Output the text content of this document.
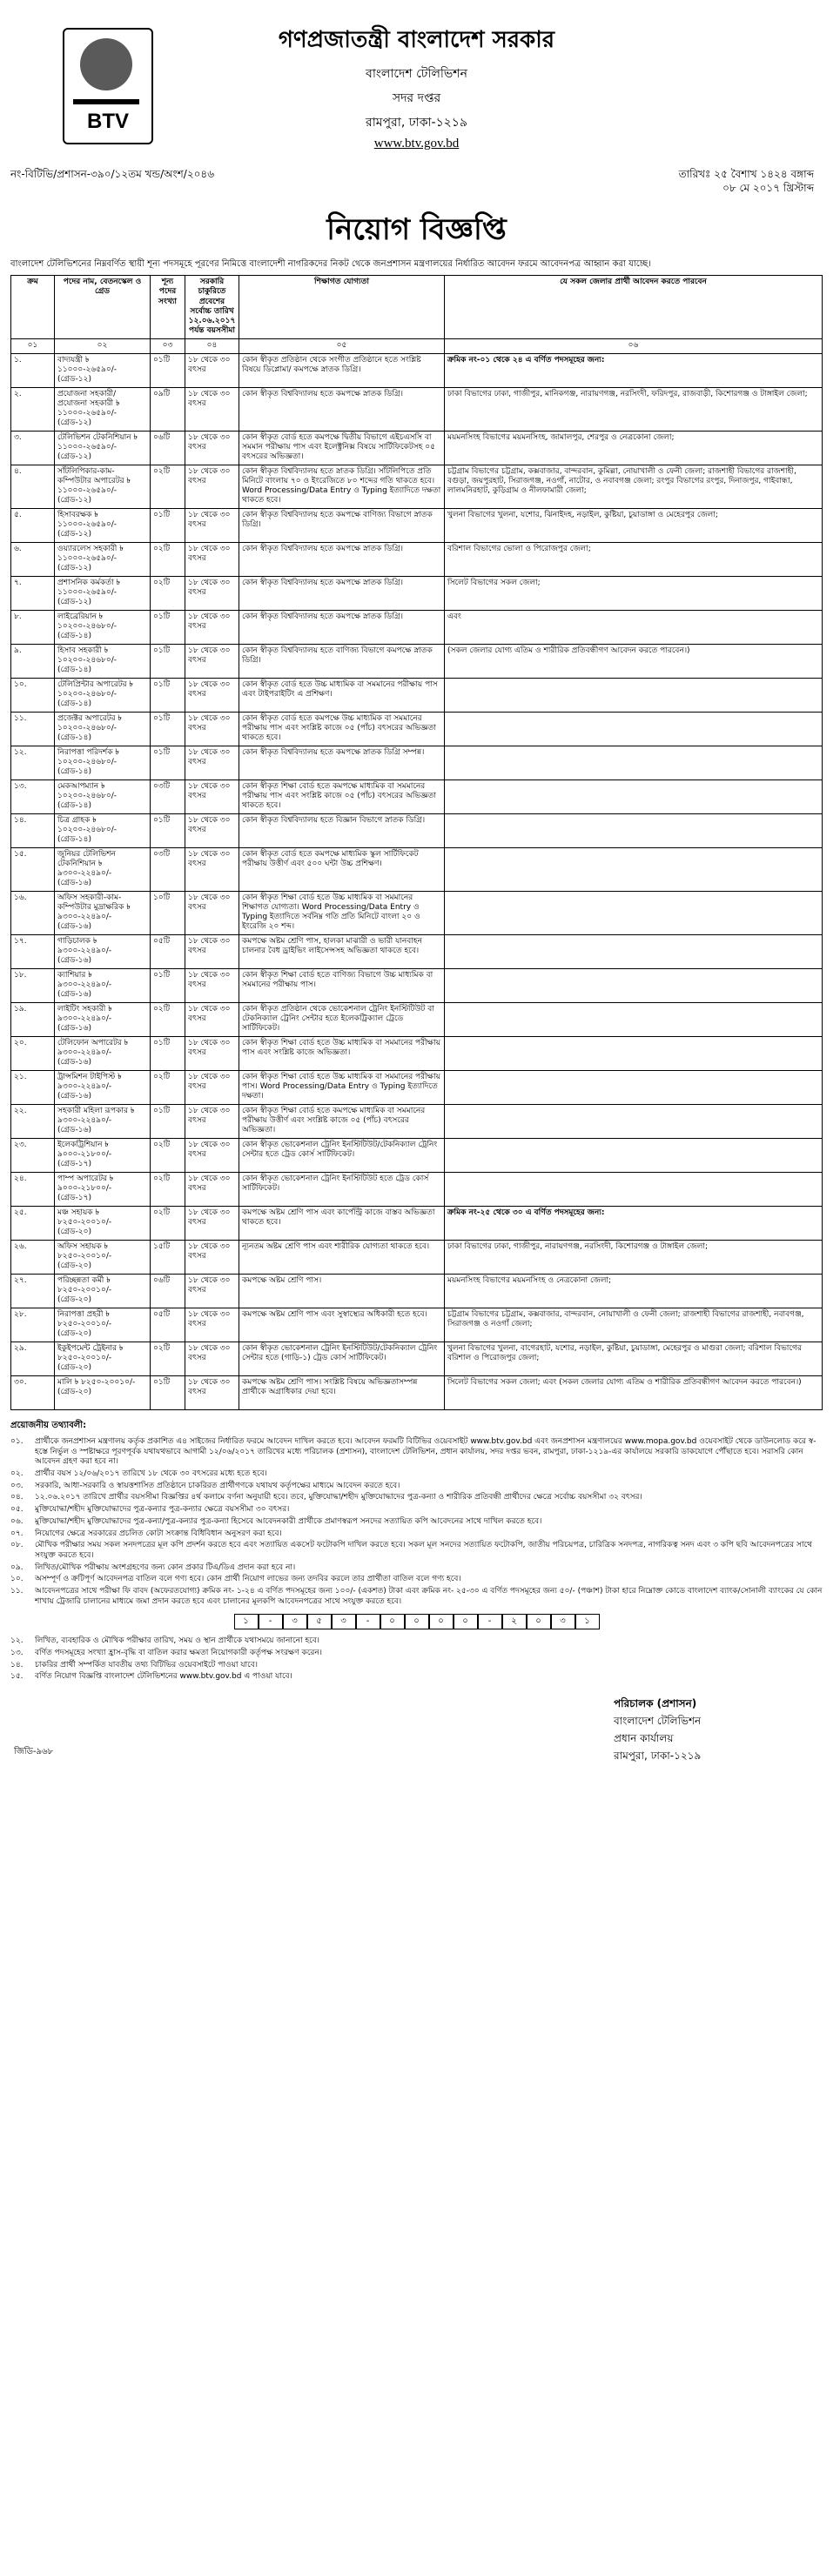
BTV
গণপ্রজাতন্ত্রী বাংলাদেশ সরকার
বাংলাদেশ টেলিভিশন
সদর দপ্তর
রামপুরা, ঢাকা-১২১৯
www.btv.gov.bd
নং-বিটিভি/প্রশাসন-৩৯০/১২তম খন্ড/অংশ/২০৪৬	তারিখঃ ২৫ বৈশাখ ১৪২৪ বঙ্গাব্দ
০৮ মে ২০১৭ খ্রিস্টাব্দ
নিয়োগ বিজ্ঞপ্তি
বাংলাদেশ টেলিভিশনের নিম্নবর্ণিত স্থায়ী শূন্য পদসমূহে পূরণের নিমিত্তে বাংলাদেশী নাগরিকদের নিকট থেকে জনপ্রশাসন মন্ত্রণালয়ের নির্ধারিত আবেদন ফরমে আবেদনপত্র আহ্বান করা যাচ্ছে।
ক্রম	পদের নাম, বেতনস্কেল ও গ্রেড	শূন্য পদের সংখ্যা	সরকারি চাকুরিতে প্রবেশের সর্বোচ্চ তারিখ ১২.০৬.২০১৭ পর্যন্ত বয়সসীমা	শিক্ষাগত যোগ্যতা	যে সকল জেলার প্রার্থী আবেদন করতে পারবেন
০১	০২	০৩	০৪	০৫	০৬
১.	বাদ্যযন্ত্রী ৳ ১১০০০-২৬৫৯০/- (গ্রেড-১২)	০১টি	১৮ থেকে ৩০ বৎসর	কোন স্বীকৃত প্রতিষ্ঠান থেকে সংগীত প্রতিষ্ঠানে হতে সংশ্লিষ্ট বিষয়ে ডিপ্লোমা/ কমপক্ষে স্নাতক ডিগ্রি।	ক্রমিক নং-০১ থেকে ২৪ এ বর্ণিত পদসমূহের জন্য:
২.	প্রযোজনা সহকারী/ প্রযোজনা সহকারী ৳ ১১০০০-২৬৫৯০/- (গ্রেড-১২)	০৯টি	১৮ থেকে ৩০ বৎসর	কোন স্বীকৃত বিশ্ববিদ্যালয় হতে কমপক্ষে স্নাতক ডিগ্রি।	ঢাকা বিভাগের ঢাকা, গাজীপুর, মানিকগঞ্জ, নারায়ণগঞ্জ, নরসিংদী, ফরিদপুর, রাজবাড়ী, কিশোরগঞ্জ ও টাঙ্গাইল জেলা;
৩.	টেলিভিশন টেকনিশিয়ান ৳ ১১০০০-২৬৫৯০/- (গ্রেড-১২)	০৬টি	১৮ থেকে ৩০ বৎসর	কোন স্বীকৃত বোর্ড হতে কমপক্ষে দ্বিতীয় বিভাগে এইচএসসি বা সমমান পরীক্ষায় পাস এবং ইলেক্ট্রনিক্স বিষয়ে সার্টিফিকেটসহ ০৫ বৎসরের অভিজ্ঞতা।	ময়মনসিংহ বিভাগের ময়মনসিংহ, জামালপুর, শেরপুর ও নেত্রকোনা জেলা;
৪.	সাঁটলিপিকার-কাম-কম্পিউটার অপারেটর ৳ ১১০০০-২৬৫৯০/- (গ্রেড-১২)	০২টি	১৮ থেকে ৩০ বৎসর	কোন স্বীকৃত বিশ্ববিদ্যালয় হতে স্নাতক ডিগ্রি। সাঁটলিপিতে প্রতি মিনিটে বাংলায় ৭০ ও ইংরেজিতে ৮০ শব্দের গতি থাকতে হবে। Word Processing/Data Entry ও Typing ইত্যাদিতে দক্ষতা থাকতে হবে।	চট্টগ্রাম বিভাগের চট্টগ্রাম, কক্সবাজার, বান্দরবান, কুমিল্লা, নোয়াখালী ও ফেনী জেলা; রাজশাহী বিভাগের রাজশাহী, বগুড়া, জয়পুরহাট, সিরাজগঞ্জ, নওগাঁ, নাটোর, ও নবাবগঞ্জ জেলা; রংপুর বিভাগের রংপুর, দিনাজপুর, গাইবান্ধা, লালমনিরহাট, কুড়িগ্রাম ও নীলফামারী জেলা;
৫.	হিসাবরক্ষক ৳ ১১০০০-২৬৫৯০/- (গ্রেড-১২)	০১টি	১৮ থেকে ৩০ বৎসর	কোন স্বীকৃত বিশ্ববিদ্যালয় হতে কমপক্ষে বাণিজ্য বিভাগে স্নাতক ডিগ্রি।	খুলনা বিভাগের খুলনা, যশোর, ঝিনাইদহ, নড়াইল, কুষ্টিয়া, চুয়াডাঙ্গা ও মেহেরপুর জেলা;
৬.	ওয়্যারলেস সহকারী ৳ ১১০০০-২৬৫৯০/- (গ্রেড-১২)	০২টি	১৮ থেকে ৩০ বৎসর	কোন স্বীকৃত বিশ্ববিদ্যালয় হতে কমপক্ষে স্নাতক ডিগ্রি।	বরিশাল বিভাগের ভোলা ও পিরোজপুর জেলা;
৭.	প্রশাসনিক কর্মকর্তা ৳ ১১০০০-২৬৫৯০/- (গ্রেড-১২)	০২টি	১৮ থেকে ৩০ বৎসর	কোন স্বীকৃত বিশ্ববিদ্যালয় হতে কমপক্ষে স্নাতক ডিগ্রি।	সিলেট বিভাগের সকল জেলা;
৮.	লাইব্রেরিয়ান ৳ ১০২০০-২৪৬৮০/- (গ্রেড-১৪)	০১টি	১৮ থেকে ৩০ বৎসর	কোন স্বীকৃত বিশ্ববিদ্যালয় হতে কমপক্ষে স্নাতক ডিগ্রি।	এবং
৯.	হিসাব সহকারী ৳ ১০২০০-২৪৬৮০/- (গ্রেড-১৪)	০১টি	১৮ থেকে ৩০ বৎসর	কোন স্বীকৃত বিশ্ববিদ্যালয় হতে বাণিজ্য বিভাগে কমপক্ষে স্নাতক ডিগ্রি।	(সকল জেলার যোগ্য এতিম ও শারীরিক প্রতিবন্ধীগণ আবেদন করতে পারবেন।)
১০.	টেলিপ্রিন্টার অপারেটর ৳ ১০২০০-২৪৬৮০/- (গ্রেড-১৪)	০১টি	১৮ থেকে ৩০ বৎসর	কোন স্বীকৃত বোর্ড হতে উচ্চ মাধ্যমিক বা সমমানের পরীক্ষায় পাস এবং টাইপরাইটিং এ প্রশিক্ষণ।	
১১.	প্রজেক্টর অপারেটর ৳ ১০২০০-২৪৬৮০/- (গ্রেড-১৪)	০১টি	১৮ থেকে ৩০ বৎসর	কোন স্বীকৃত বোর্ড হতে কমপক্ষে উচ্চ মাধ্যমিক বা সমমানের পরীক্ষায় পাস এবং সংশ্লিষ্ট কাজে ০৫ (পাঁচ) বৎসরের অভিজ্ঞতা থাকতে হবে।	
১২.	নিরাপত্তা পরিদর্শক ৳ ১০২০০-২৪৬৮০/- (গ্রেড-১৪)	০১টি	১৮ থেকে ৩০ বৎসর	কোন স্বীকৃত বিশ্ববিদ্যালয় হতে কমপক্ষে স্নাতক ডিগ্রি সম্পন্ন।	
১৩.	মেকআপম্যান ৳ ১০২০০-২৪৬৮০/- (গ্রেড-১৪)	০৩টি	১৮ থেকে ৩০ বৎসর	কোন স্বীকৃত শিক্ষা বোর্ড হতে কমপক্ষে মাধ্যমিক বা সমমানের পরীক্ষায় পাস এবং সংশ্লিষ্ট কাজে ০৫ (পাঁচ) বৎসরের অভিজ্ঞতা থাকতে হবে।	
১৪.	চিত্র গ্রাহক ৳ ১০২০০-২৪৬৮০/- (গ্রেড-১৪)	০১টি	১৮ থেকে ৩০ বৎসর	কোন স্বীকৃত বিশ্ববিদ্যালয় হতে বিজ্ঞান বিভাগে স্নাতক ডিগ্রি।	
১৫.	জুনিয়র টেলিভিশন টেকনিশিয়ান ৳ ৯৩০০-২২৪৯০/- (গ্রেড-১৬)	০৩টি	১৮ থেকে ৩০ বৎসর	কোন স্বীকৃত বোর্ড হতে কমপক্ষে মাধ্যমিক স্কুল সার্টিফিকেট পরীক্ষায় উত্তীর্ণ এবং ৫০০ ঘন্টা উচ্চ প্রশিক্ষণ।	
১৬.	অফিস সহকারী-কাম-কম্পিউটার মুদ্রাক্ষরিক ৳ ৯৩০০-২২৪৯০/- (গ্রেড-১৬)	১০টি	১৮ থেকে ৩০ বৎসর	কোন স্বীকৃত শিক্ষা বোর্ড হতে উচ্চ মাধ্যমিক বা সমমানের শিক্ষাগত যোগ্যতা। Word Processing/Data Entry ও Typing ইত্যাদিতে সর্বনিম্ন গতি প্রতি মিনিটে বাংলা ২০ ও ইংরেজি ২০ শব্দ।	
১৭.	গাড়িচালক ৳ ৯৩০০-২২৪৯০/- (গ্রেড-১৬)	০৫টি	১৮ থেকে ৩০ বৎসর	কমপক্ষে অষ্টম শ্রেণি পাস, হালকা মাঝারী ও ভারী যানবাহন চালনার বৈধ ড্রাইভিং লাইসেন্সসহ অভিজ্ঞতা থাকতে হবে।	
১৮.	ক্যাশিয়ার ৳ ৯৩০০-২২৪৯০/- (গ্রেড-১৬)	০১টি	১৮ থেকে ৩০ বৎসর	কোন স্বীকৃত শিক্ষা বোর্ড হতে বাণিজ্য বিভাগে উচ্চ মাধ্যমিক বা সমমানের পরীক্ষায় পাস।	
১৯.	লাইটিং সহকারী ৳ ৯৩০০-২২৪৯০/- (গ্রেড-১৬)	০২টি	১৮ থেকে ৩০ বৎসর	কোন স্বীকৃত প্রতিষ্ঠান থেকে ভোকেশনাল ট্রেনিং ইনস্টিটিউট বা টেকনিক্যাল ট্রেনিং সেন্টার হতে ইলেকট্রিক্যাল ট্রেডে সার্টিফিকেট।	
২০.	টেলিফোন অপারেটর ৳ ৯৩০০-২২৪৯০/- (গ্রেড-১৬)	০১টি	১৮ থেকে ৩০ বৎসর	কোন স্বীকৃত শিক্ষা বোর্ড হতে উচ্চ মাধ্যমিক বা সমমানের পরীক্ষায় পাস এবং সংশ্লিষ্ট কাজে অভিজ্ঞতা।	
২১.	ট্রান্সমিশন টাইপিস্ট ৳ ৯৩০০-২২৪৯০/- (গ্রেড-১৬)	০২টি	১৮ থেকে ৩০ বৎসর	কোন স্বীকৃত শিক্ষা বোর্ড হতে উচ্চ মাধ্যমিক বা সমমানের পরীক্ষায় পাস। Word Processing/Data Entry ও Typing ইত্যাদিতে দক্ষতা।	
২২.	সহকারী মহিলা রূপকার ৳ ৯৩০০-২২৪৯০/- (গ্রেড-১৬)	০১টি	১৮ থেকে ৩০ বৎসর	কোন স্বীকৃত শিক্ষা বোর্ড হতে কমপক্ষে মাধ্যমিক বা সমমানের পরীক্ষায় উত্তীর্ণ এবং সংশ্লিষ্ট কাজে ০৫ (পাঁচ) বৎসরের অভিজ্ঞতা।	
২৩.	ইলেকট্রিশিয়ান ৳ ৯০০০-২১৮০০/- (গ্রেড-১৭)	০২টি	১৮ থেকে ৩০ বৎসর	কোন স্বীকৃত ভোকেশনাল ট্রেনিং ইনস্টিটিউট/টেকনিক্যাল ট্রেনিং সেন্টার হতে ট্রেড কোর্স সার্টিফিকেট।	
২৪.	পাম্প অপারেটর ৳ ৯০০০-২১৮০০/- (গ্রেড-১৭)	০২টি	১৮ থেকে ৩০ বৎসর	কোন স্বীকৃত ভোকেশনাল ট্রেনিং ইনস্টিটিউট হতে ট্রেড কোর্স সার্টিফিকেট।	
২৫.	মঞ্চ সহায়ক ৳ ৮২৫০-২০০১০/- (গ্রেড-২০)	০২টি	১৮ থেকে ৩০ বৎসর	কমপক্ষে অষ্টম শ্রেণি পাস এবং কার্পেন্ট্রি কাজে বাস্তব অভিজ্ঞতা থাকতে হবে।	ক্রমিক নং-২৫ থেকে ৩০ এ বর্ণিত পদসমূহের জন্য:
২৬.	অফিস সহায়ক ৳ ৮২৫০-২০০১০/- (গ্রেড-২০)	১৫টি	১৮ থেকে ৩০ বৎসর	ন্যূনতম অষ্টম শ্রেণি পাস এবং শারীরিক যোগ্যতা থাকতে হবে।	ঢাকা বিভাগের ঢাকা, গাজীপুর, নারায়ণগঞ্জ, নরসিংদী, কিশোরগঞ্জ ও টাঙ্গাইল জেলা;
২৭.	পরিচ্ছন্নতা কর্মী ৳ ৮২৫০-২০০১০/- (গ্রেড-২০)	০৬টি	১৮ থেকে ৩০ বৎসর	কমপক্ষে অষ্টম শ্রেণি পাস।	ময়মনসিংহ বিভাগের ময়মনসিংহ ও নেত্রকোনা জেলা;
২৮.	নিরাপত্তা প্রহরী ৳ ৮২৫০-২০০১০/- (গ্রেড-২০)	০৫টি	১৮ থেকে ৩০ বৎসর	কমপক্ষে অষ্টম শ্রেণি পাস এবং সুস্বাস্থ্যের অধিকারী হতে হবে।	চট্টগ্রাম বিভাগের চট্টগ্রাম, কক্সবাজার, বান্দরবান, নোয়াখালী ও ফেনী জেলা; রাজশাহী বিভাগের রাজশাহী, নবাবগঞ্জ, সিরাজগঞ্জ ও নওগাঁ জেলা;
২৯.	ইকুইপমেন্ট ট্রেইনার ৳ ৮২৫০-২০০১০/- (গ্রেড-২০)	০২টি	১৮ থেকে ৩০ বৎসর	কোন স্বীকৃত ভোকেশনাল ট্রেনিং ইনস্টিটিউট/টেকনিক্যাল ট্রেনিং সেন্টার হতে (গাড়ি-১) ট্রেড কোর্স সার্টিফিকেট।	খুলনা বিভাগের খুলনা, বাগেরহাট, যশোর, নড়াইল, কুষ্টিয়া, চুয়াডাঙ্গা, মেহেরপুর ও মাগুরা জেলা; বরিশাল বিভাগের বরিশাল ও পিরোজপুর জেলা;
৩০.	মালি ৳ ৮২৫০-২০০১০/- (গ্রেড-২০)	০১টি	১৮ থেকে ৩০ বৎসর	কমপক্ষে অষ্টম শ্রেণি পাস। সংশ্লিষ্ট বিষয়ে অভিজ্ঞতাসম্পন্ন প্রার্থীকে অগ্রাধিকার দেয়া হবে।	সিলেট বিভাগের সকল জেলা; এবং (সকল জেলার যোগ্য এতিম ও শারীরিক প্রতিবন্ধীগণ আবেদন করতে পারবেন।)
প্রয়োজনীয় তথ্যাবলী:
০১.	প্রার্থীকে জনপ্রশাসন মন্ত্রণালয় কর্তৃক প্রকাশিত এ৪ সাইজের নির্ধারিত ফরমে আবেদন দাখিল করতে হবে। আবেদন ফরমটি বিটিভির ওয়েবসাইট www.btv.gov.bd এবং জনপ্রশাসন মন্ত্রণালয়ের www.mopa.gov.bd ওয়েবসাইট থেকে ডাউনলোড করে স্ব-হস্তে নির্ভুল ও স্পষ্টাক্ষরে পূরণপূর্বক যথাযথভাবে আগামী ১২/০৬/২০১৭ তারিখের মধ্যে পরিচালক (প্রশাসন), বাংলাদেশ টেলিভিশন, প্রধান কার্যালয়, সদর দপ্তর ভবন, রামপুরা, ঢাকা-১২১৯-এর কার্যালয়ে সরকারি ডাকযোগে পৌঁছাতে হবে। সরাসরি কোন আবেদন গ্রহণ করা হবে না।
০২.	প্রার্থীর বয়স ১২/০৬/২০১৭ তারিখে ১৮ থেকে ৩০ বৎসরের মধ্যে হতে হবে।
০৩.	সরকারি, আধা-সরকারি ও স্বায়ত্তশাসিত প্রতিষ্ঠানে চাকরিরত প্রার্থীগণকে যথাযথ কর্তৃপক্ষের মাধ্যমে আবেদন করতে হবে।
০৪.	১২.০৬.২০১৭ তারিখে প্রার্থীর বয়সসীমা বিজ্ঞপ্তির ৪র্থ কলামে বর্ণনা অনুযায়ী হবে। তবে, মুক্তিযোদ্ধা/শহীদ মুক্তিযোদ্ধাদের পুত্র-কন্যা ও শারীরিক প্রতিবন্ধী প্রার্থীদের ক্ষেত্রে সর্বোচ্চ বয়সসীমা ৩২ বৎসর।
০৫.	মুক্তিযোদ্ধা/শহীদ মুক্তিযোদ্ধাদের পুত্র-কন্যার পুত্র-কন্যার ক্ষেত্রে বয়সসীমা ৩০ বৎসর।
০৬.	মুক্তিযোদ্ধা/শহীদ মুক্তিযোদ্ধাদের পুত্র-কন্যা/পুত্র-কন্যার পুত্র-কন্যা হিসেবে আবেদনকারী প্রার্থীকে প্রমাণস্বরূপ সনদের সত্যায়িত কপি আবেদনের সাথে দাখিল করতে হবে।
০৭.	নিয়োগের ক্ষেত্রে সরকারের প্রচলিত কোটা সংক্রান্ত বিধিবিধান অনুসরণ করা হবে।
০৮.	মৌখিক পরীক্ষার সময় সকল সনদপত্রের মূল কপি প্রদর্শন করতে হবে এবং সত্যায়িত একসেট ফটোকপি দাখিল করতে হবে। সকল মূল সনদের সত্যায়িত ফটোকপি, জাতীয় পরিচয়পত্র, চারিত্রিক সনদপত্র, নাগরিকত্ব সনদ এবং ৩ কপি ছবি আবেদনপত্রের সাথে সংযুক্ত করতে হবে।
০৯.	লিখিত/মৌখিক পরীক্ষায় অংশগ্রহণের জন্য কোন প্রকার টিএ/ডিএ প্রদান করা হবে না।
১০.	অসম্পূর্ণ ও ক্রটিপূর্ণ আবেদনপত্র বাতিল বলে গণ্য হবে। কোন প্রার্থী নিয়োগ লাভের জন্য তদবির করলে তার প্রার্থীতা বাতিল বলে গণ্য হবে।
১১.	আবেদনপত্রের সাথে পরীক্ষা ফি বাবদ (অফেরতযোগ্য) ক্রমিক নং- ১-২৪ এ বর্ণিত পদসমূহের জন্য ১০০/- (একশত) টাকা এবং ক্রমিক নং- ২৫-৩০ এ বর্ণিত পদসমূহের জন্য ৫০/- (পঞ্চাশ) টাকা হারে নিম্নোক্ত কোডে বাংলাদেশ ব্যাংক/সোনালী ব্যাংকের যে কোন শাখায় ট্রেজারি চালানের মাধ্যমে জমা প্রদান করতে হবে এবং চালানের মূলকপি আবেদনপত্রের সাথে সংযুক্ত করতে হবে।
১	-	৩	৫	৩	-	০	০	০	০	-	২	০	৩	১
১২.	লিখিত, ব্যবহারিক ও মৌখিক পরীক্ষার তারিখ, সময় ও স্থান প্রার্থীকে যথাসময়ে জানানো হবে।
১৩.	বর্ণিত পদসমূহের সংখ্যা হ্রাস-বৃদ্ধি বা বাতিল করার ক্ষমতা নিয়োগকারী কর্তৃপক্ষ সংরক্ষণ করেন।
১৪.	চাকরির প্রার্থী সম্পর্কিত যাবতীয় তথ্য বিটিভির ওয়েবসাইটে পাওয়া যাবে।
১৫.	বর্ণিত নিয়োগ বিজ্ঞপ্তি বাংলাদেশ টেলিভিশনের www.btv.gov.bd এ পাওয়া যাবে।
পরিচালক (প্রশাসন)
বাংলাদেশ টেলিভিশন
প্রধান কার্যালয়
রামপুরা, ঢাকা-১২১৯
জিডি-৯৬৮
